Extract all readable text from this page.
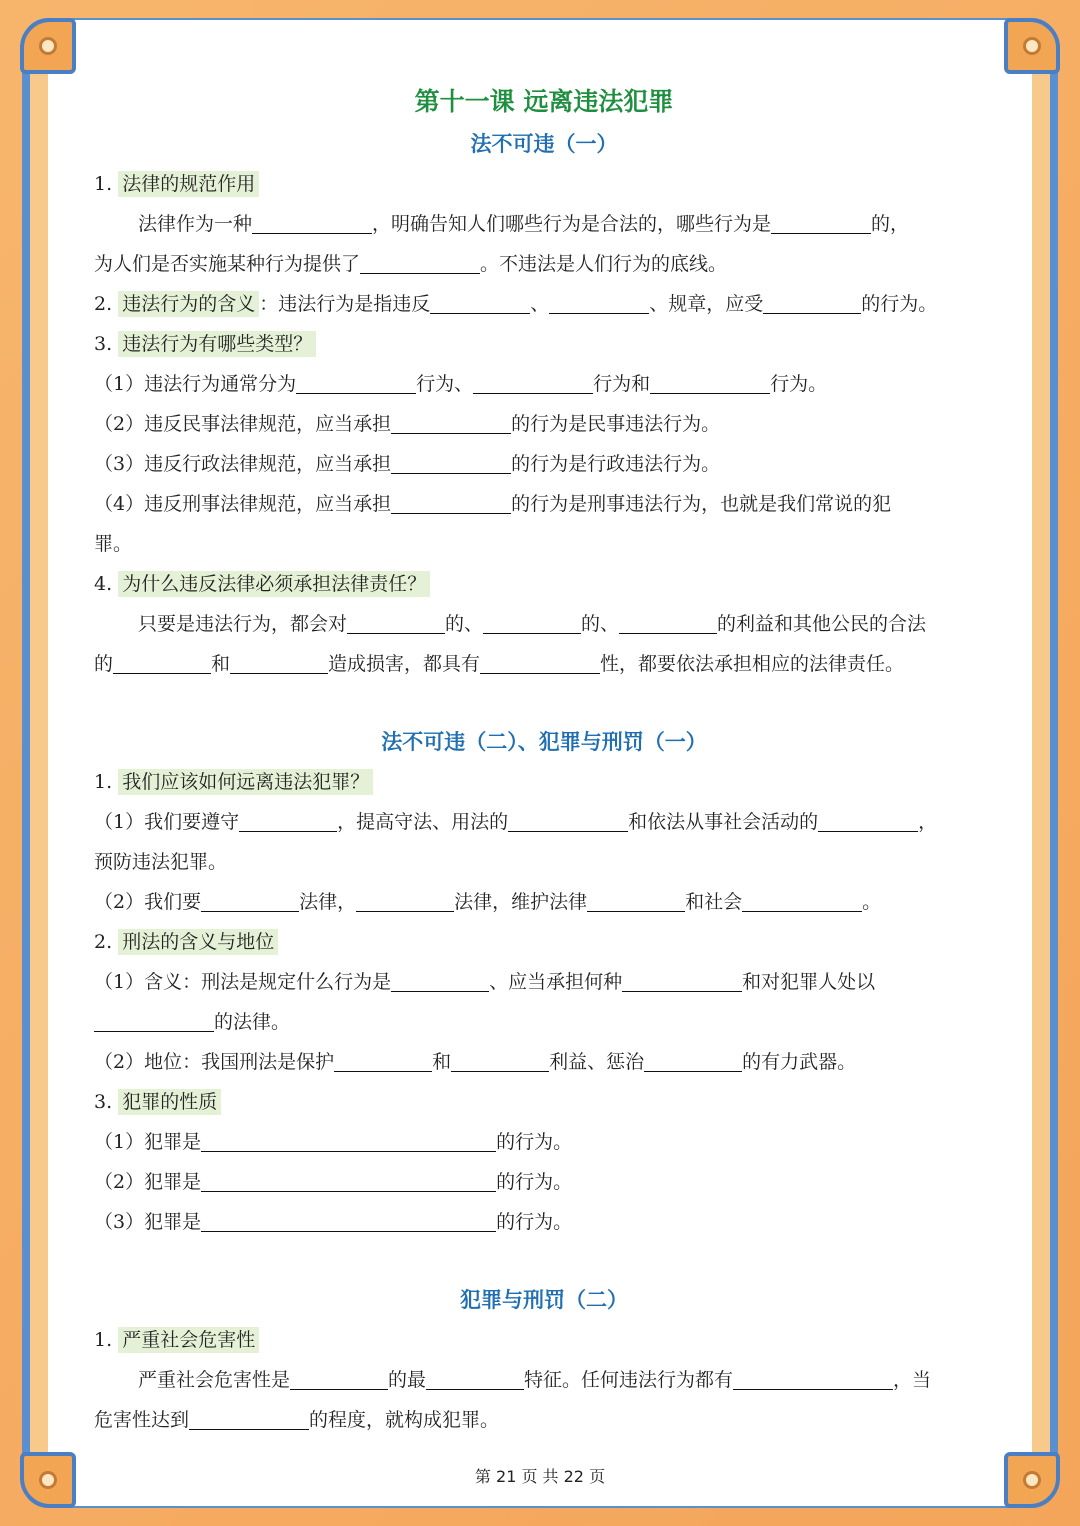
第十一课 远离违法犯罪
法不可违（一）
1. 法律的规范作用
法律作为一种	，明确告知人们哪些行为是合法的，哪些行为是	的，
为人们是否实施某种行为提供了	。不违法是人们行为的底线。
2. 违法行为的含义 ：违法行为是指违反	、	、规章，应受	的行为。
3. 违法行为有哪些类型？
（1）违法行为通常分为	行为、	行为和	行为。
（2）违反民事法律规范，应当承担	的行为是民事违法行为。
（3）违反行政法律规范，应当承担	的行为是行政违法行为。
（4）违反刑事法律规范，应当承担	的行为是刑事违法行为，也就是我们常说的犯
罪。
4. 为什么违反法律必须承担法律责任？
只要是违法行为，都会对	的、	的、	的利益和其他公民的合法
的	和	造成损害，都具有	性，都要依法承担相应的法律责任。
法不可违（二）、犯罪与刑罚（一）
1. 我们应该如何远离违法犯罪？
（1）我们要遵守	，提高守法、用法的	和依法从事社会活动的	，
预防违法犯罪。
（2）我们要	法律，	法律，维护法律	和社会	。
2. 刑法的含义与地位
（1）含义：刑法是规定什么行为是	、应当承担何种	和对犯罪人处以
的法律。
（2）地位：我国刑法是保护	和	利益、惩治	的有力武器。
3. 犯罪的性质
（1）犯罪是	的行为。
（2）犯罪是	的行为。
（3）犯罪是	的行为。
犯罪与刑罚（二）
1. 严重社会危害性
严重社会危害性是	的最	特征。任何违法行为都有	，当
危害性达到	的程度，就构成犯罪。
第 21 页 共 22 页
